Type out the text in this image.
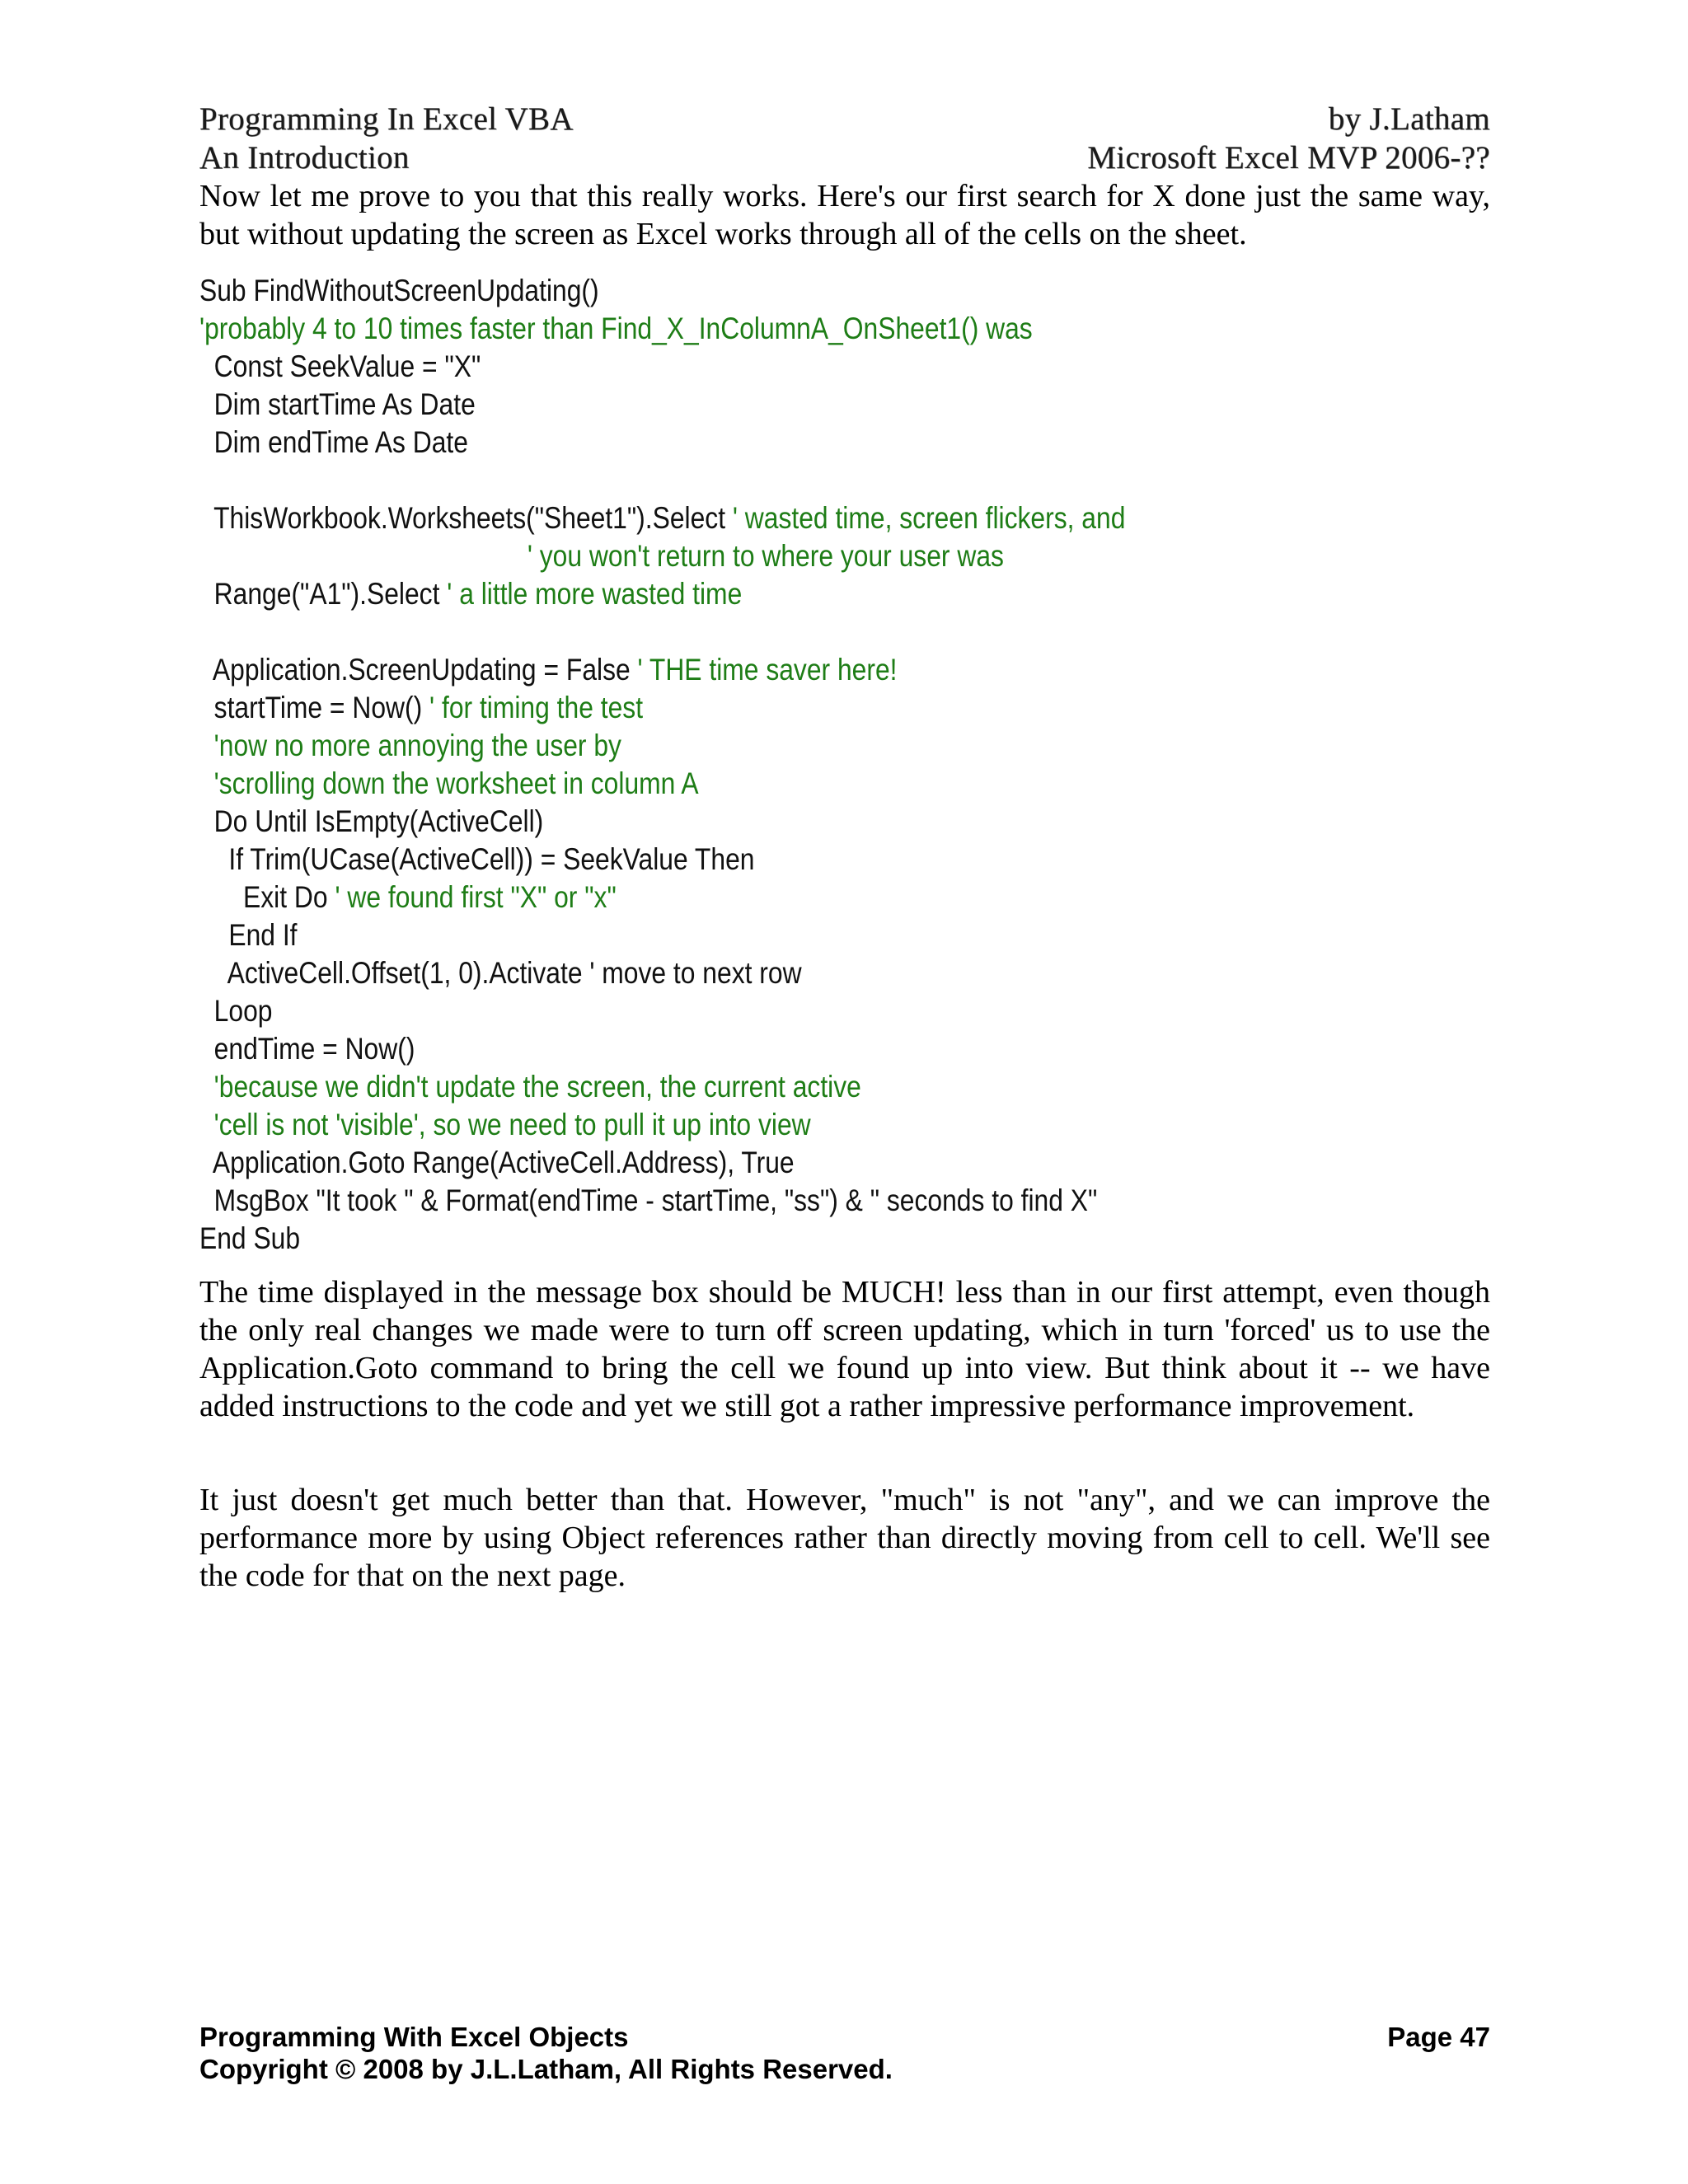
Programming In Excel VBA	by J.Latham
An Introduction	Microsoft Excel MVP 2006-??

Now let me prove to you that this really works. Here's our first search for X done just the same way, but without updating the screen as Excel works through all of the cells on the sheet.

Sub FindWithoutScreenUpdating()
'probably 4 to 10 times faster than Find_X_InColumnA_OnSheet1() was
Const SeekValue = "X"
Dim startTime As Date
Dim endTime As Date
ThisWorkbook.Worksheets("Sheet1").Select ' wasted time, screen flickers, and
' you won't return to where your user was
Range("A1").Select ' a little more wasted time
Application.ScreenUpdating = False ' THE time saver here!
startTime = Now() ' for timing the test
'now no more annoying the user by
'scrolling down the worksheet in column A
Do Until IsEmpty(ActiveCell)
If Trim(UCase(ActiveCell)) = SeekValue Then
Exit Do ' we found first "X" or "x"
End If
ActiveCell.Offset(1, 0).Activate ' move to next row
Loop
endTime = Now()
'because we didn't update the screen, the current active
'cell is not 'visible', so we need to pull it up into view
Application.Goto Range(ActiveCell.Address), True
MsgBox "It took " & Format(endTime - startTime, "ss") & " seconds to find X"
End Sub

The time displayed in the message box should be MUCH! less than in our first attempt, even though the only real changes we made were to turn off screen updating, which in turn 'forced' us to use the Application.Goto command to bring the cell we found up into view. But think about it -- we have added instructions to the code and yet we still got a rather impressive performance improvement.

It just doesn't get much better than that. However, "much" is not "any", and we can improve the performance more by using Object references rather than directly moving from cell to cell. We'll see the code for that on the next page.

Programming With Excel Objects	Page 47
Copyright © 2008 by J.L.Latham, All Rights Reserved.
